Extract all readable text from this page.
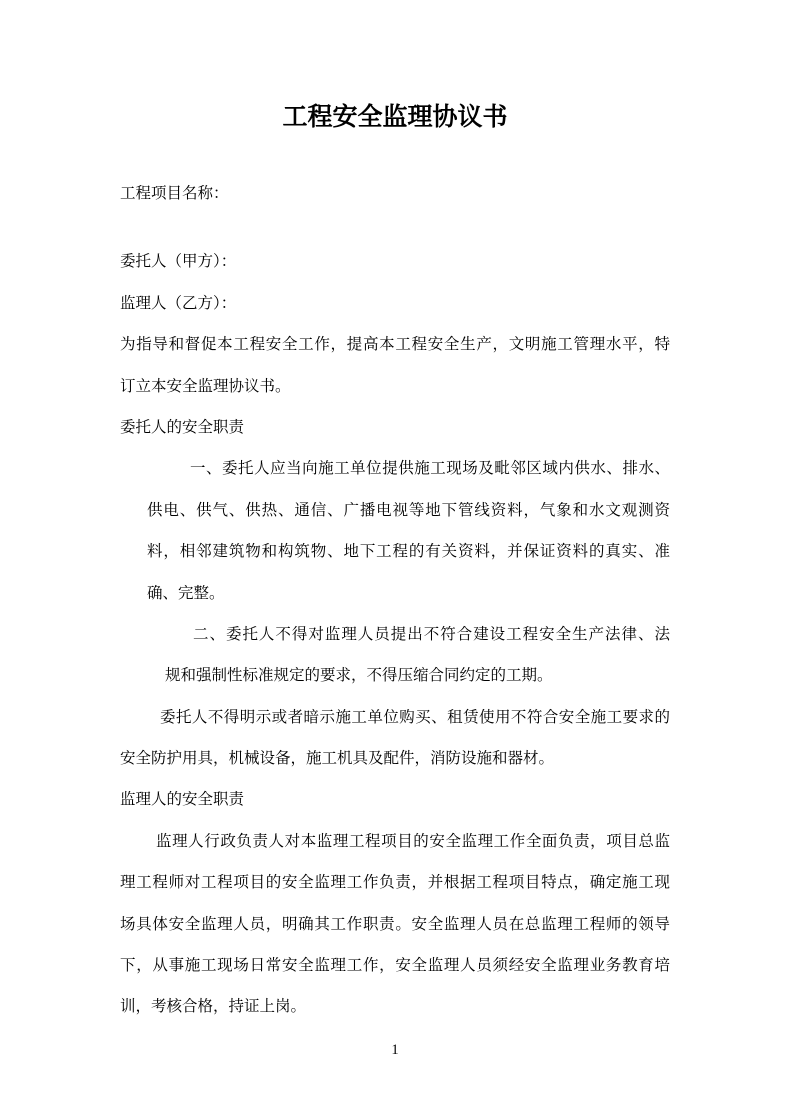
工程安全监理协议书
工程项目名称：
委托人（甲方）：
监理人（乙方）：
为指导和督促本工程安全工作，提高本工程安全生产，文明施工管理水平，特
订立本安全监理协议书。
委托人的安全职责
一、委托人应当向施工单位提供施工现场及毗邻区域内供水、排水、
供电、供气、供热、通信、广播电视等地下管线资料，气象和水文观测资
料，相邻建筑物和构筑物、地下工程的有关资料，并保证资料的真实、准
确、完整。
二、委托人不得对监理人员提出不符合建设工程安全生产法律、法
规和强制性标准规定的要求，不得压缩合同约定的工期。
委托人不得明示或者暗示施工单位购买、租赁使用不符合安全施工要求的
安全防护用具，机械设备，施工机具及配件，消防设施和器材。
监理人的安全职责
监理人行政负责人对本监理工程项目的安全监理工作全面负责，项目总监
理工程师对工程项目的安全监理工作负责，并根据工程项目特点，确定施工现
场具体安全监理人员，明确其工作职责。安全监理人员在总监理工程师的领导
下，从事施工现场日常安全监理工作，安全监理人员须经安全监理业务教育培
训，考核合格，持证上岗。
1
